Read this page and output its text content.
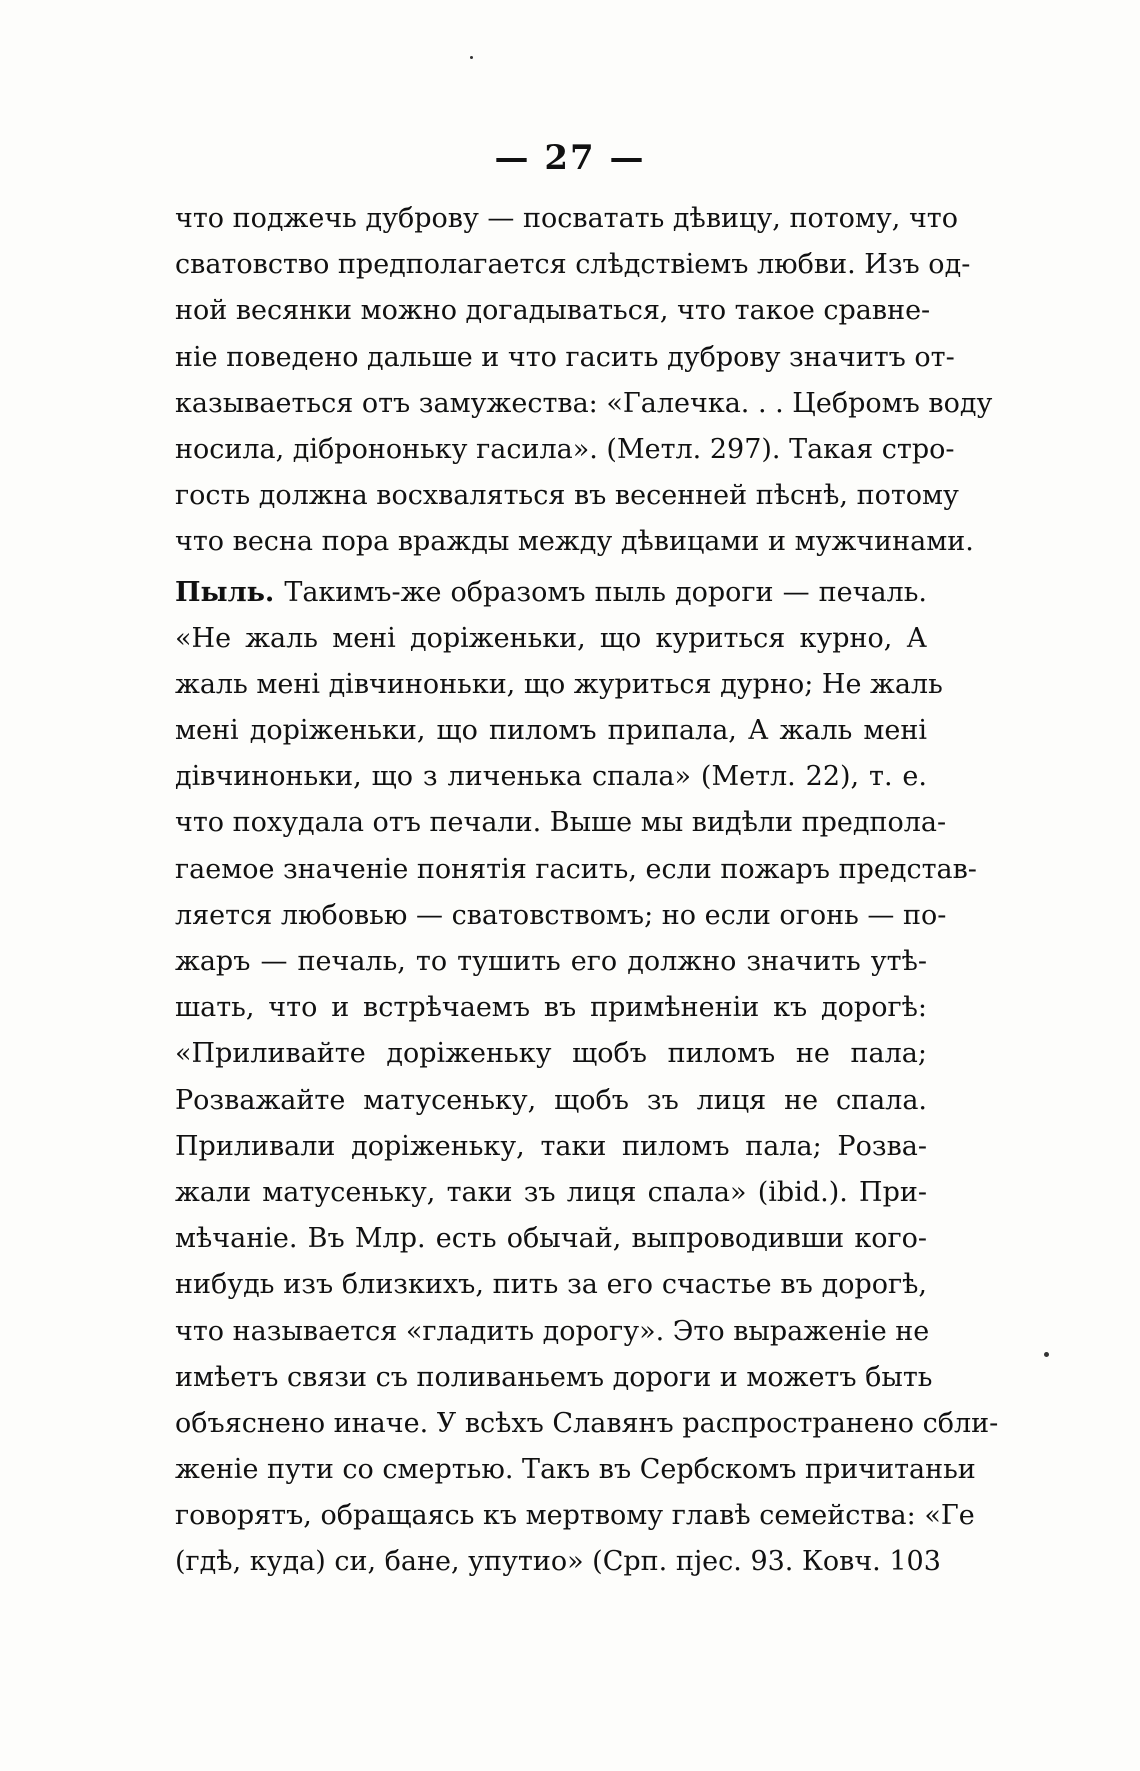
— 27 —
что поджечь дуброву — посватать дѣвицу, потому, что
сватовство предполагается слѣдствіемъ любви. Изъ од-
ной весянки можно догадываться, что такое сравне-
ніе поведено дальше и что гасить дуброву значитъ от-
казываеться отъ замужества: «Галечка. . . Цебромъ воду
носила, діброноньку гасила». (Метл. 297). Такая стро-
гость должна восхваляться въ весенней пѣснѣ, потому
что весна пора вражды между дѣвицами и мужчинами.
Пыль. Такимъ-же образомъ пыль дороги — печаль.
«Не жаль мені доріженьки, що куриться курно, А
жаль мені дівчиноньки, що журиться дурно; Не жаль
мені доріженьки, що пиломъ припала, А жаль мені
дівчиноньки, що з личенька спала» (Метл. 22), т. е.
что похудала отъ печали. Выше мы видѣли предпола-
гаемое значеніе понятія гасить, если пожаръ представ-
ляется любовью — сватовствомъ; но если огонь — по-
жаръ — печаль, то тушить его должно значить утѣ-
шать, что и встрѣчаемъ въ примѣненіи къ дорогѣ:
«Приливайте доріженьку щобъ пиломъ не пала;
Розважайте матусеньку, щобъ зъ лиця не спала.
Приливали доріженьку, таки пиломъ пала; Розва-
жали матусеньку, таки зъ лиця спала» (ibid.). При-
мѣчаніе. Въ Млр. есть обычай, выпроводивши кого-
нибудь изъ близкихъ, пить за его счастье въ дорогѣ,
что называется «гладить дорогу». Это выраженіе не
имѣетъ связи съ поливаньемъ дороги и можетъ быть
объяснено иначе. У всѣхъ Славянъ распространено сбли-
женіе пути со смертью. Такъ въ Сербскомъ причитаньи
говорятъ, обращаясь къ мертвому главѣ семейства: «Ге
(гдѣ, куда) си, бане, упутио» (Срп. пjес. 93. Ковч. 103
